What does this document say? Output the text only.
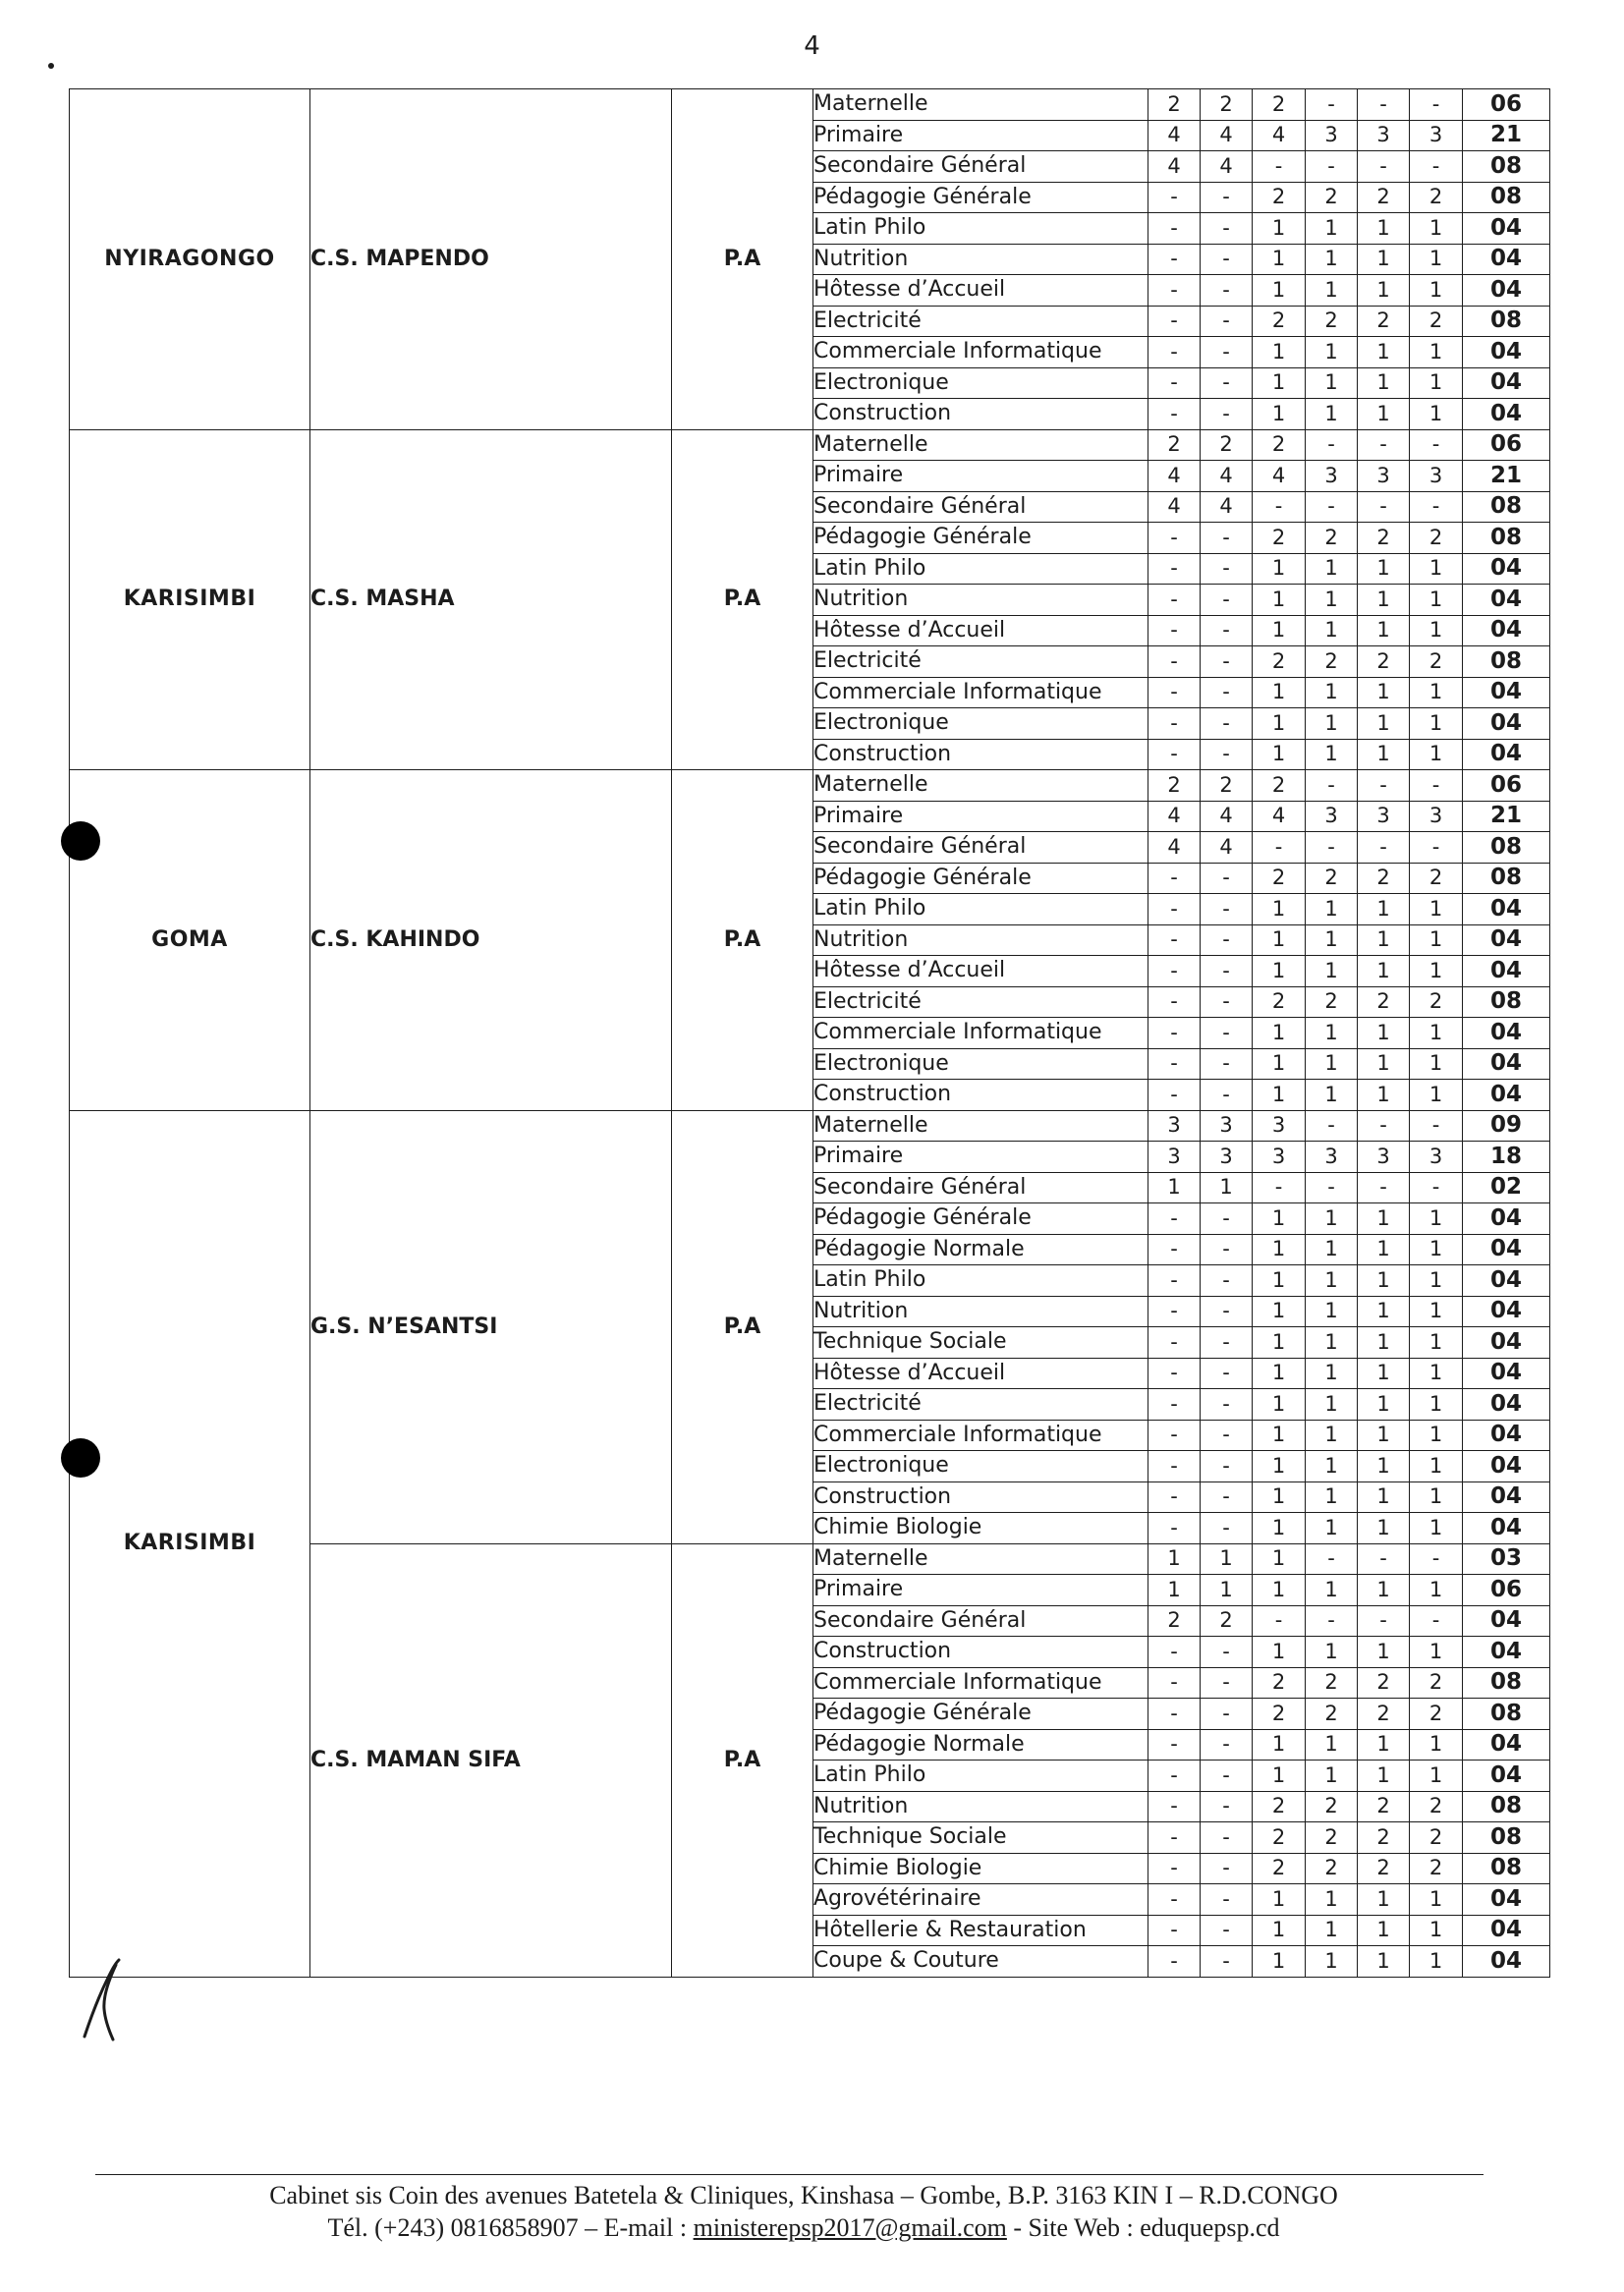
4
NYIRAGONGO	C.S. MAPENDO	P.A	Maternelle	2	2	2	-	-	-	06
			Primaire	4	4	4	3	3	3	21
			Secondaire Général	4	4	-	-	-	-	08
			Pédagogie Générale	-	-	2	2	2	2	08
			Latin Philo	-	-	1	1	1	1	04
			Nutrition	-	-	1	1	1	1	04
			Hôtesse d’Accueil	-	-	1	1	1	1	04
			Electricité	-	-	2	2	2	2	08
			Commerciale Informatique	-	-	1	1	1	1	04
			Electronique	-	-	1	1	1	1	04
			Construction	-	-	1	1	1	1	04
KARISIMBI	C.S. MASHA	P.A	Maternelle	2	2	2	-	-	-	06
			Primaire	4	4	4	3	3	3	21
			Secondaire Général	4	4	-	-	-	-	08
			Pédagogie Générale	-	-	2	2	2	2	08
			Latin Philo	-	-	1	1	1	1	04
			Nutrition	-	-	1	1	1	1	04
			Hôtesse d’Accueil	-	-	1	1	1	1	04
			Electricité	-	-	2	2	2	2	08
			Commerciale Informatique	-	-	1	1	1	1	04
			Electronique	-	-	1	1	1	1	04
			Construction	-	-	1	1	1	1	04
GOMA	C.S. KAHINDO	P.A	Maternelle	2	2	2	-	-	-	06
			Primaire	4	4	4	3	3	3	21
			Secondaire Général	4	4	-	-	-	-	08
			Pédagogie Générale	-	-	2	2	2	2	08
			Latin Philo	-	-	1	1	1	1	04
			Nutrition	-	-	1	1	1	1	04
			Hôtesse d’Accueil	-	-	1	1	1	1	04
			Electricité	-	-	2	2	2	2	08
			Commerciale Informatique	-	-	1	1	1	1	04
			Electronique	-	-	1	1	1	1	04
			Construction	-	-	1	1	1	1	04
KARISIMBI	G.S. N’ESANTSI	P.A	Maternelle	3	3	3	-	-	-	09
			Primaire	3	3	3	3	3	3	18
			Secondaire Général	1	1	-	-	-	-	02
			Pédagogie Générale	-	-	1	1	1	1	04
			Pédagogie Normale	-	-	1	1	1	1	04
			Latin Philo	-	-	1	1	1	1	04
			Nutrition	-	-	1	1	1	1	04
			Technique Sociale	-	-	1	1	1	1	04
			Hôtesse d’Accueil	-	-	1	1	1	1	04
			Electricité	-	-	1	1	1	1	04
			Commerciale Informatique	-	-	1	1	1	1	04
			Electronique	-	-	1	1	1	1	04
			Construction	-	-	1	1	1	1	04
			Chimie Biologie	-	-	1	1	1	1	04
	C.S. MAMAN SIFA	P.A	Maternelle	1	1	1	-	-	-	03
			Primaire	1	1	1	1	1	1	06
			Secondaire Général	2	2	-	-	-	-	04
			Construction	-	-	1	1	1	1	04
			Commerciale Informatique	-	-	2	2	2	2	08
			Pédagogie Générale	-	-	2	2	2	2	08
			Pédagogie Normale	-	-	1	1	1	1	04
			Latin Philo	-	-	1	1	1	1	04
			Nutrition	-	-	2	2	2	2	08
			Technique Sociale	-	-	2	2	2	2	08
			Chimie Biologie	-	-	2	2	2	2	08
			Agrovétérinaire	-	-	1	1	1	1	04
			Hôtellerie & Restauration	-	-	1	1	1	1	04
			Coupe & Couture	-	-	1	1	1	1	04
Cabinet sis Coin des avenues Batetela & Cliniques, Kinshasa – Gombe, B.P. 3163 KIN I – R.D.CONGO
Tél. (+243) 0816858907 – E-mail : ministerepsp2017@gmail.com - Site Web : eduquepsp.cd
